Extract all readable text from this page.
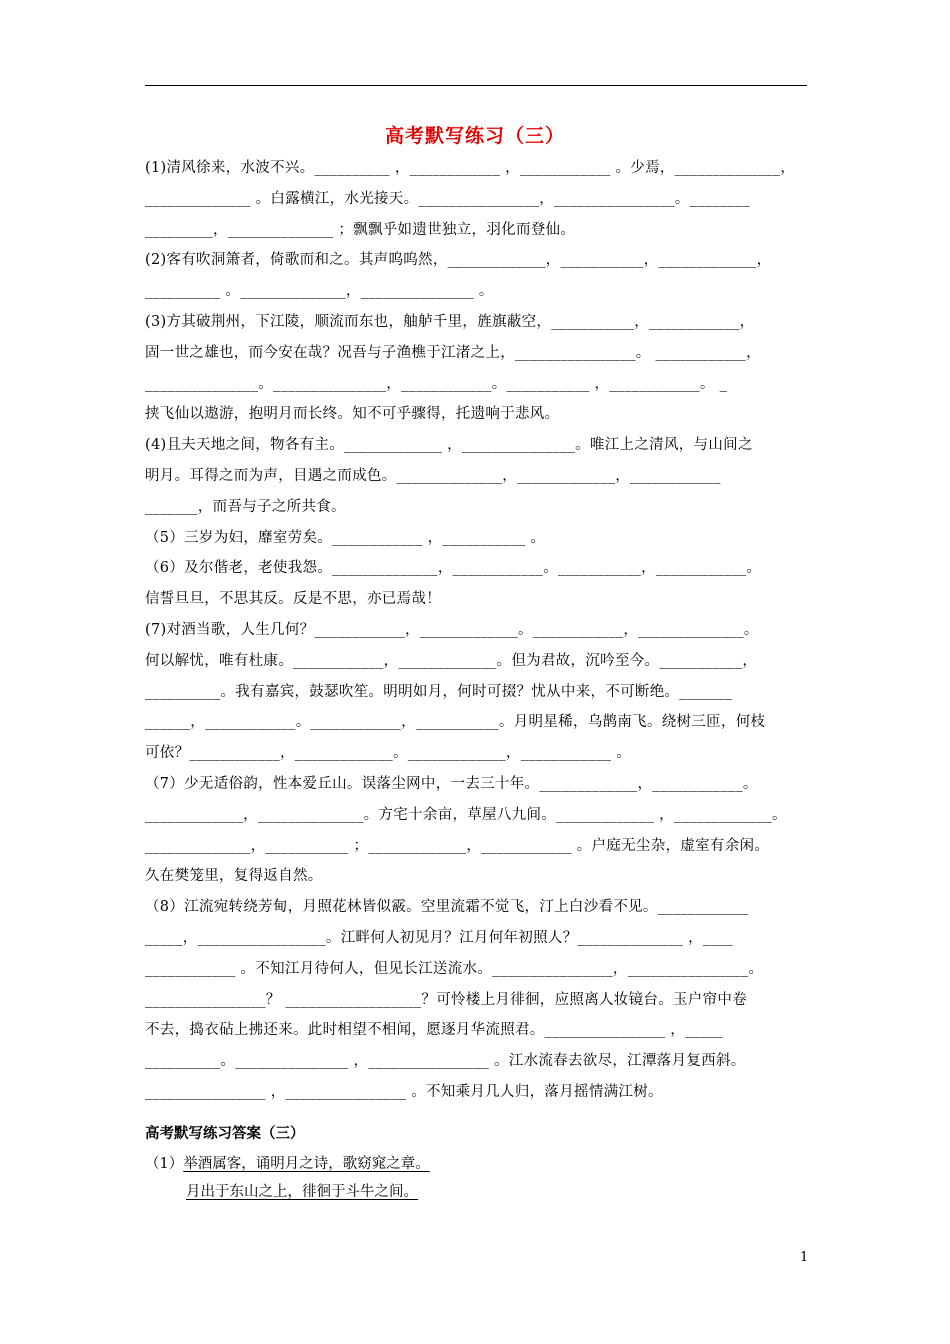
高考默写练习（三）
(1)清风徐来，水波不兴。__________ ，____________ ，____________ 。少焉，______________，
______________ 。白露横江，水光接天。________________，________________。________
_________，______________ ；飘飘乎如遗世独立，羽化而登仙。
(2)客有吹洞箫者，倚歌而和之。其声呜呜然，_____________，___________，_____________，
__________ 。______________，_______________ 。
(3)方其破荆州，下江陵，顺流而东也，舳舻千里，旌旗蔽空，___________，____________，
固一世之雄也，而今安在哉？况吾与子渔樵于江渚之上，________________。 ____________，
_______________。_______________，____________。___________ ，____________。 _
挟飞仙以遨游，抱明月而长终。知不可乎骤得，托遗响于悲风。
(4)且夫天地之间，物各有主。_____________ ，_______________。唯江上之清风，与山间之
明月。耳得之而为声，目遇之而成色。______________，_____________，____________
_______，而吾与子之所共食。
（5）三岁为妇，靡室劳矣。____________ ，___________ 。
（6）及尔偕老，老使我怨。______________，____________。___________，____________。
信誓旦旦，不思其反。反是不思，亦已焉哉！
(7)对酒当歌，人生几何？____________，_____________。____________，______________。
何以解忧，唯有杜康。____________，_____________。但为君故，沉吟至今。___________，
__________。我有嘉宾，鼓瑟吹笙。明明如月，何时可掇？忧从中来，不可断绝。_______
______，____________。____________，___________。月明星稀，乌鹊南飞。绕树三匝，何枝
可依？____________，_____________。_____________，____________ 。
（7）少无适俗韵，性本爱丘山。误落尘网中，一去三十年。_____________，____________。
_____________，______________。方宅十余亩，草屋八九间。_____________ ，_____________。
______________，___________ ；_____________，____________ 。户庭无尘杂，虚室有余闲。
久在樊笼里，复得返自然。
（8）江流宛转绕芳甸，月照花林皆似霰。空里流霜不觉飞，汀上白沙看不见。____________
_____，_________________。江畔何人初见月？江月何年初照人？______________ ，____
____________ 。不知江月待何人，但见长江送流水。________________，________________。
________________？ __________________？可怜楼上月徘徊，应照离人妆镜台。玉户帘中卷
不去，捣衣砧上拂还来。此时相望不相闻，愿逐月华流照君。________________ ，_____
__________。_______________ ，________________ 。江水流春去欲尽，江潭落月复西斜。
________________ ，________________ 。不知乘月几人归，落月摇情满江树。
高考默写练习答案（三）
（1）举酒属客，诵明月之诗，歌窈窕之章。
月出于东山之上，徘徊于斗牛之间。
1
